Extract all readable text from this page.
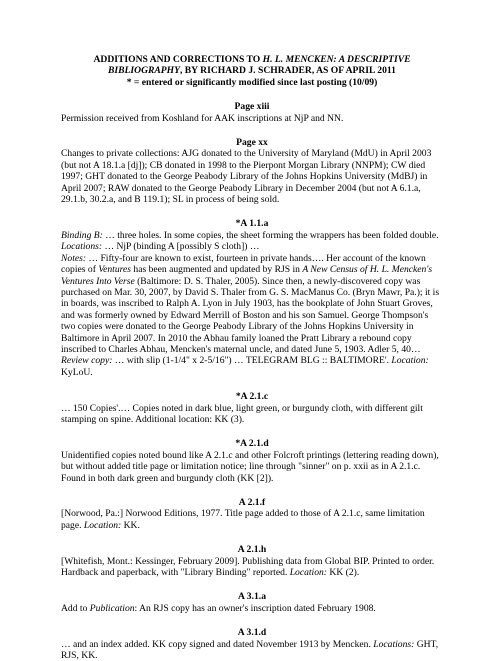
ADDITIONS AND CORRECTIONS TO H. L. MENCKEN: A DESCRIPTIVE
BIBLIOGRAPHY, BY RICHARD J. SCHRADER, AS OF APRIL 2011
* = entered or significantly modified since last posting (10/09)

Page xiii

Permission received from Koshland for AAK inscriptions at NjP and NN.

Page xx

Changes to private collections: AJG donated to the University of Maryland (MdU) in April 2003 (but not A 18.1.a [dj]); CB donated in 1998 to the Pierpont Morgan Library (NNPM); CW died 1997; GHT donated to the George Peabody Library of the Johns Hopkins University (MdBJ) in April 2007; RAW donated to the George Peabody Library in December 2004 (but not A 6.1.a, 29.1.b, 30.2.a, and B 119.1); SL in process of being sold.

*A 1.1.a

Binding B: … three holes. In some copies, the sheet forming the wrappers has been folded double.

Locations: … NjP (binding A [possibly S cloth]) …

Notes: … Fifty-four are known to exist, fourteen in private hands…. Her account of the known copies of Ventures has been augmented and updated by RJS in A New Census of H. L. Mencken's Ventures Into Verse (Baltimore: D. S. Thaler, 2005). Since then, a newly-discovered copy was purchased on Mar. 30, 2007, by David S. Thaler from G. S. MacManus Co. (Bryn Mawr, Pa.); it is in boards, was inscribed to Ralph A. Lyon in July 1903, has the bookplate of John Stuart Groves, and was formerly owned by Edward Merrill of Boston and his son Samuel. George Thompson's two copies were donated to the George Peabody Library of the Johns Hopkins University in Baltimore in April 2007. In 2010 the Abhau family loaned the Pratt Library a rebound copy inscribed to Charles Abhau, Mencken's maternal uncle, and dated June 5, 1903. Adler 5, 40…

Review copy: … with slip (1-1/4" x 2-5/16") … TELEGRAM BLG :: BALTIMORE'. Location: KyLoU.

*A 2.1.c

… 150 Copies'.… Copies noted in dark blue, light green, or burgundy cloth, with different gilt stamping on spine. Additional location: KK (3).

*A 2.1.d

Unidentified copies noted bound like A 2.1.c and other Folcroft printings (lettering reading down), but without added title page or limitation notice; line through "sinner" on p. xxii as in A 2.1.c. Found in both dark green and burgundy cloth (KK [2]).

A 2.1.f

[Norwood, Pa.:] Norwood Editions, 1977. Title page added to those of A 2.1.c, same limitation page. Location: KK.

A 2.1.h

[Whitefish, Mont.: Kessinger, February 2009]. Publishing data from Global BIP. Printed to order. Hardback and paperback, with "Library Binding" reported. Location: KK (2).

A 3.1.a

Add to Publication: An RJS copy has an owner's inscription dated February 1908.

A 3.1.d

… and an index added. KK copy signed and dated November 1913 by Mencken. Locations: GHT, RJS, KK.
